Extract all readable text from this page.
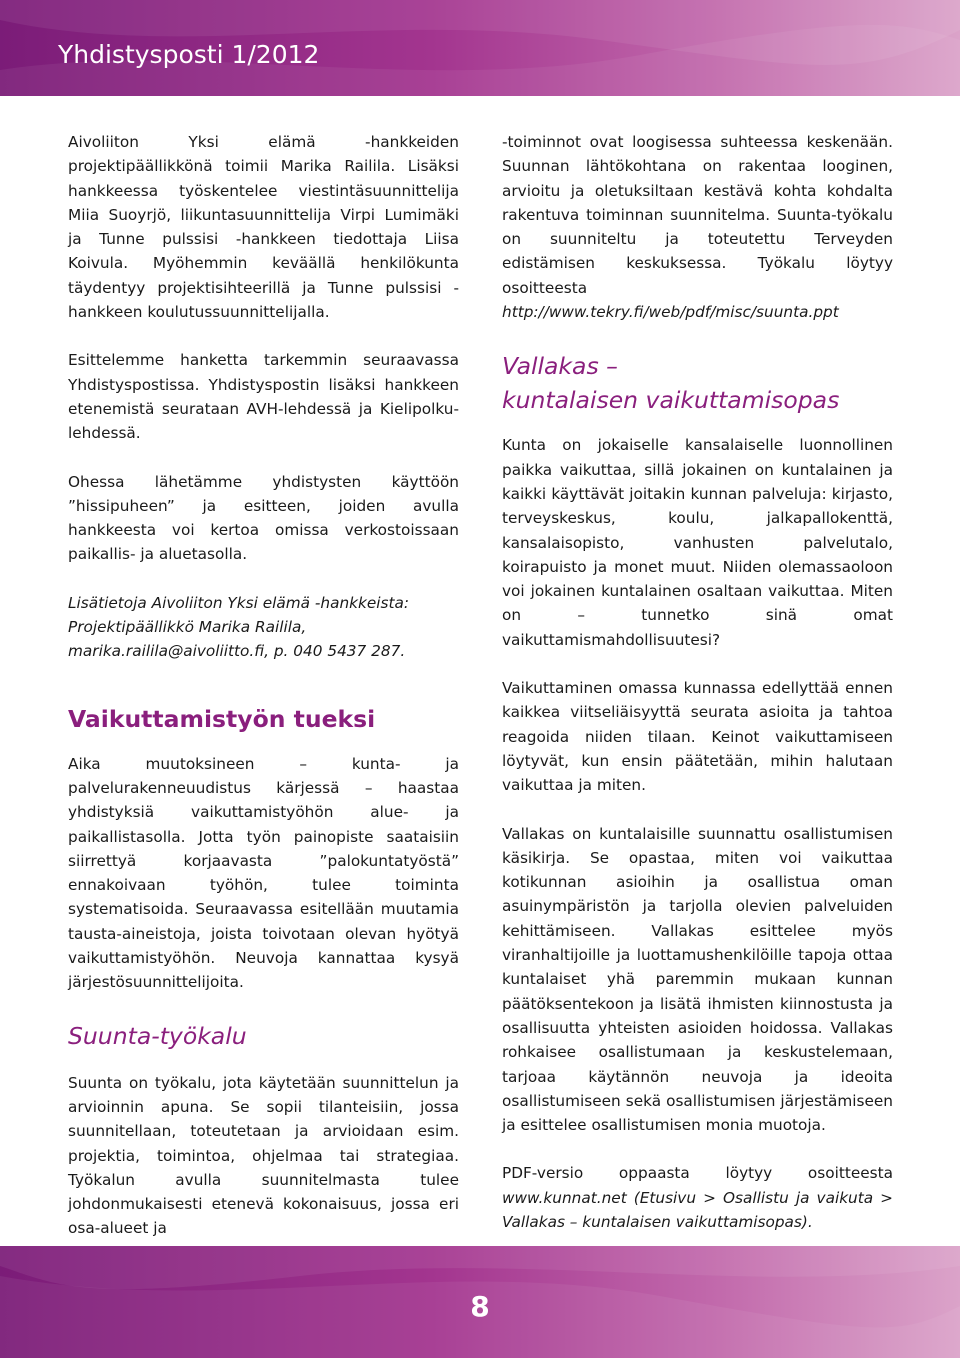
Yhdistysposti 1/2012

Aivoliiton Yksi elämä -hankkeiden projektipäällikkönä toimii Marika Railila. Lisäksi hankkeessa työskentelee viestintäsuunnittelija Miia Suoyrjö, liikuntasuunnittelija Virpi Lumimäki ja Tunne pulssisi -hankkeen tiedottaja Liisa Koivula. Myöhemmin keväällä henkilökunta täydentyy projektisihteerillä ja Tunne pulssisi -hankkeen koulutussuunnittelijalla.

Esittelemme hanketta tarkemmin seuraavassa Yhdistyspostissa. Yhdistyspostin lisäksi hankkeen etenemistä seurataan AVH-lehdessä ja Kielipolku-lehdessä.

Ohessa lähetämme yhdistysten käyttöön ”hissipuheen” ja esitteen, joiden avulla hankkeesta voi kertoa omissa verkostoissaan paikallis- ja aluetasolla.

Lisätietoja Aivoliiton Yksi elämä -hankkeista:
Projektipäällikkö Marika Railila,
marika.railila@aivoliitto.fi, p. 040 5437 287.

Vaikuttamistyön tueksi

Aika muutoksineen – kunta- ja palvelurakenneuudistus kärjessä – haastaa yhdistyksiä vaikuttamistyöhön alue- ja paikallistasolla. Jotta työn painopiste saataisiin siirrettyä korjaavasta ”palokuntatyöstä” ennakoivaan työhön, tulee toiminta systematisoida. Seuraavassa esitellään muutamia tausta-aineistoja, joista toivotaan olevan hyötyä vaikuttamistyöhön. Neuvoja kannattaa kysyä järjestösuunnittelijoita.

Suunta-työkalu

Suunta on työkalu, jota käytetään suunnittelun ja arvioinnin apuna. Se sopii tilanteisiin, jossa suunnitellaan, toteutetaan ja arvioidaan esim. projektia, toimintoa, ohjelmaa tai strategiaa. Työkalun avulla suunnitelmasta tulee johdonmukaisesti etenevä kokonaisuus, jossa eri osa-alueet ja

-toiminnot ovat loogisessa suhteessa keskenään. Suunnan lähtökohtana on rakentaa looginen, arvioitu ja oletuksiltaan kestävä kohta kohdalta rakentuva toiminnan suunnitelma. Suunta-työkalu on suunniteltu ja toteutettu Terveyden edistämisen keskuksessa. Työkalu löytyy osoitteesta http://www.tekry.fi/web/pdf/misc/suunta.ppt

Vallakas –
kuntalaisen vaikuttamisopas

Kunta on jokaiselle kansalaiselle luonnollinen paikka vaikuttaa, sillä jokainen on kuntalainen ja kaikki käyttävät joitakin kunnan palveluja: kirjasto, terveyskeskus, koulu, jalkapallokenttä, kansalaisopisto, vanhusten palvelutalo, koirapuisto ja monet muut. Niiden olemassaoloon voi jokainen kuntalainen osaltaan vaikuttaa. Miten on – tunnetko sinä omat vaikuttamismahdollisuutesi?

Vaikuttaminen omassa kunnassa edellyttää ennen kaikkea viitseliäisyyttä seurata asioita ja tahtoa reagoida niiden tilaan. Keinot vaikuttamiseen löytyvät, kun ensin päätetään, mihin halutaan vaikuttaa ja miten.

Vallakas on kuntalaisille suunnattu osallistumisen käsikirja. Se opastaa, miten voi vaikuttaa kotikunnan asioihin ja osallistua oman asuinympäristön ja tarjolla olevien palveluiden kehittämiseen. Vallakas esittelee myös viranhaltijoille ja luottamushenkilöille tapoja ottaa kuntalaiset yhä paremmin mukaan kunnan päätöksentekoon ja lisätä ihmisten kiinnostusta ja osallisuutta yhteisten asioiden hoidossa. Vallakas rohkaisee osallistumaan ja keskustelemaan, tarjoaa käytännön neuvoja ja ideoita osallistumiseen sekä osallistumisen järjestämiseen ja esittelee osallistumisen monia muotoja.

PDF-versio oppaasta löytyy osoitteesta www.kunnat.net (Etusivu > Osallistu ja vaikuta > Vallakas – kuntalaisen vaikuttamisopas).

8
